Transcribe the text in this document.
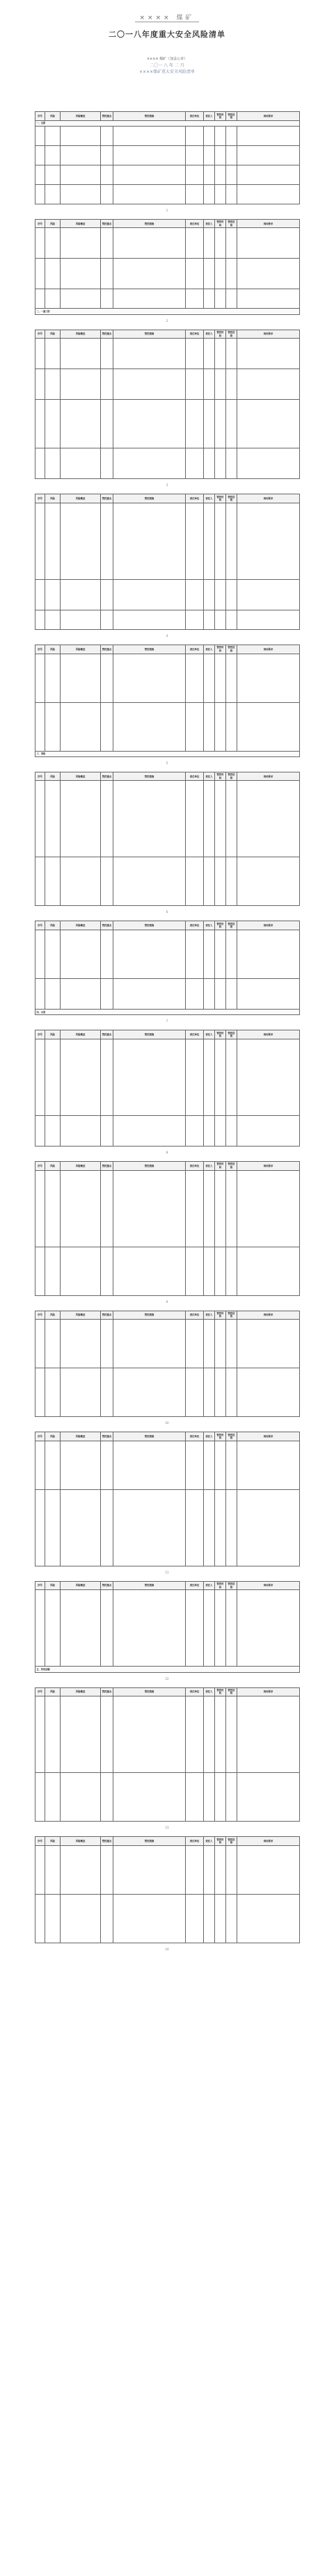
×××× 煤矿
二〇一八年度重大安全风险清单
×××× 煤矿（加盖公章）
二〇一 八 年 二 月
××××煤矿重大安全风险清单
序号	风险	风险概述	管控重点	管控措施	责任单位	责任人	管控时间	管控层级	现场要求
一、瓦斯									

1
序号	风险	风险概述	管控重点	管控措施	责任单位	责任人	管控时间	管控层级	现场要求

二、一通三防									
2
序号	风险	风险概述	管控重点	管控措施	责任单位	责任人	管控时间	管控层级	现场要求

3
序号	风险	风险概述	管控重点	管控措施	责任单位	责任人	管控时间	管控层级	现场要求

4
序号	风险	风险概述	管控重点	管控措施	责任单位	责任人	管控时间	管控层级	现场要求

三、顶板									
5
序号	风险	风险概述	管控重点	管控措施	责任单位	责任人	管控时间	管控层级	现场要求

6
序号	风险	风险概述	管控重点	管控措施	责任单位	责任人	管控时间	管控层级	现场要求

四、水害									
7
序号	风险	风险概述	管控重点	管控措施	责任单位	责任人	管控时间	管控层级	现场要求

8
序号	风险	风险概述	管控重点	管控措施	责任单位	责任人	管控时间	管控层级	现场要求

9
序号	风险	风险概述	管控重点	管控措施	责任单位	责任人	管控时间	管控层级	现场要求

10
序号	风险	风险概述	管控重点	管控措施	责任单位	责任人	管控时间	管控层级	现场要求

11
序号	风险	风险概述	管控重点	管控措施	责任单位	责任人	管控时间	管控层级	现场要求

五、机电运输									
12
序号	风险	风险概述	管控重点	管控措施	责任单位	责任人	管控时间	管控层级	现场要求

13
序号	风险	风险概述	管控重点	管控措施	责任单位	责任人	管控时间	管控层级	现场要求

14
